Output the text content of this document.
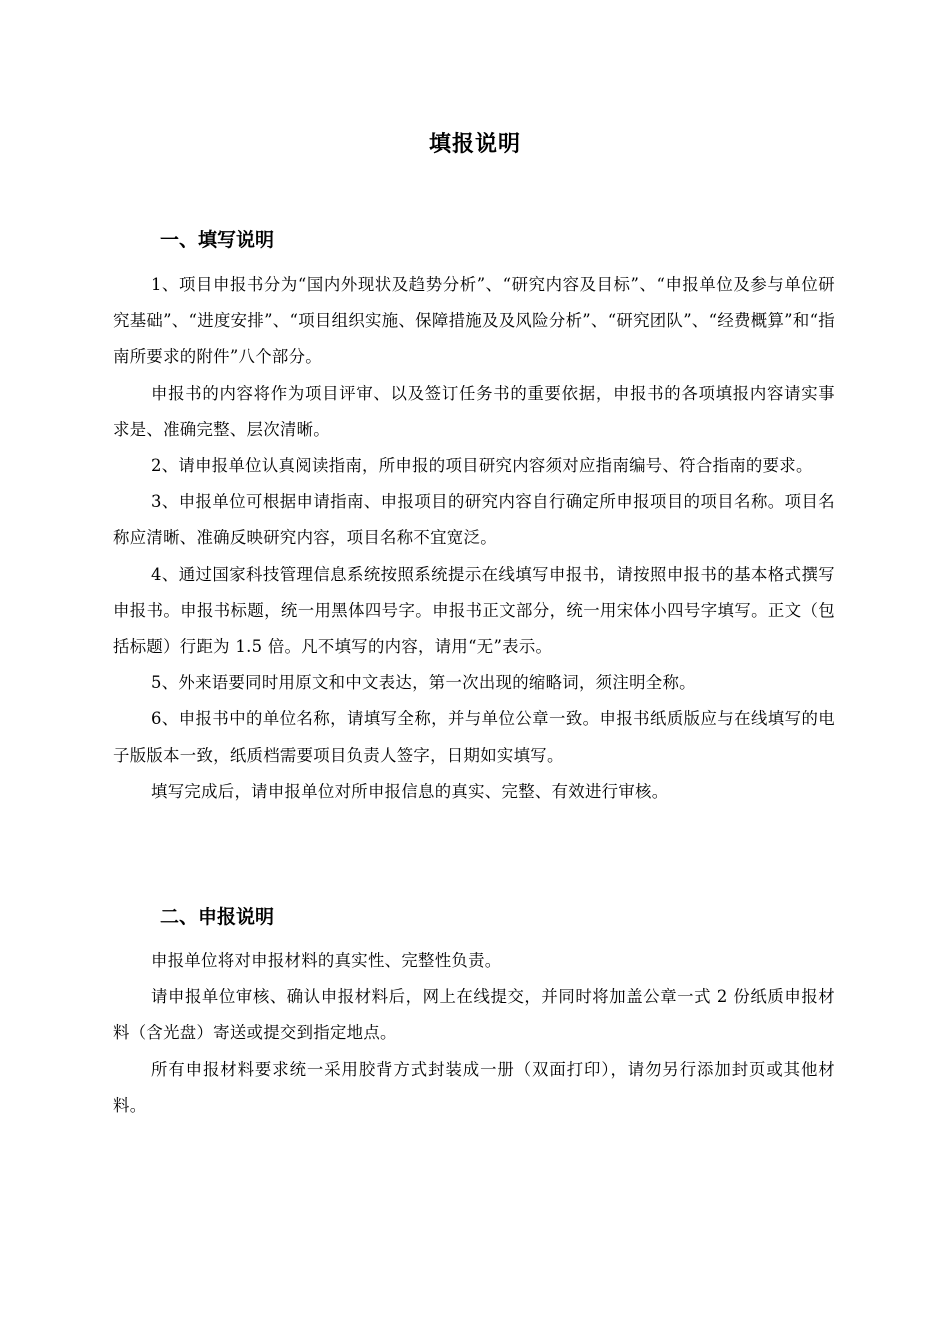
填报说明
一、填写说明

1、项目申报书分为“国内外现状及趋势分析”、“研究内容及目标”、“申报单位及参与单位研究基础”、“进度安排”、“项目组织实施、保障措施及及风险分析”、“研究团队”、“经费概算”和“指南所要求的附件”八个部分。

申报书的内容将作为项目评审、以及签订任务书的重要依据，申报书的各项填报内容请实事求是、准确完整、层次清晰。

2、请申报单位认真阅读指南，所申报的项目研究内容须对应指南编号、符合指南的要求。

3、申报单位可根据申请指南、申报项目的研究内容自行确定所申报项目的项目名称。项目名称应清晰、准确反映研究内容，项目名称不宜宽泛。

4、通过国家科技管理信息系统按照系统提示在线填写申报书，请按照申报书的基本格式撰写申报书。申报书标题，统一用黑体四号字。申报书正文部分，统一用宋体小四号字填写。正文（包括标题）行距为 1.5 倍。凡不填写的内容，请用“无”表示。

5、外来语要同时用原文和中文表达，第一次出现的缩略词，须注明全称。

6、申报书中的单位名称，请填写全称，并与单位公章一致。申报书纸质版应与在线填写的电子版版本一致，纸质档需要项目负责人签字，日期如实填写。

填写完成后，请申报单位对所申报信息的真实、完整、有效进行审核。

二、申报说明

申报单位将对申报材料的真实性、完整性负责。

请申报单位审核、确认申报材料后，网上在线提交，并同时将加盖公章一式 2 份纸质申报材料（含光盘）寄送或提交到指定地点。

所有申报材料要求统一采用胶背方式封装成一册（双面打印），请勿另行添加封页或其他材料。
